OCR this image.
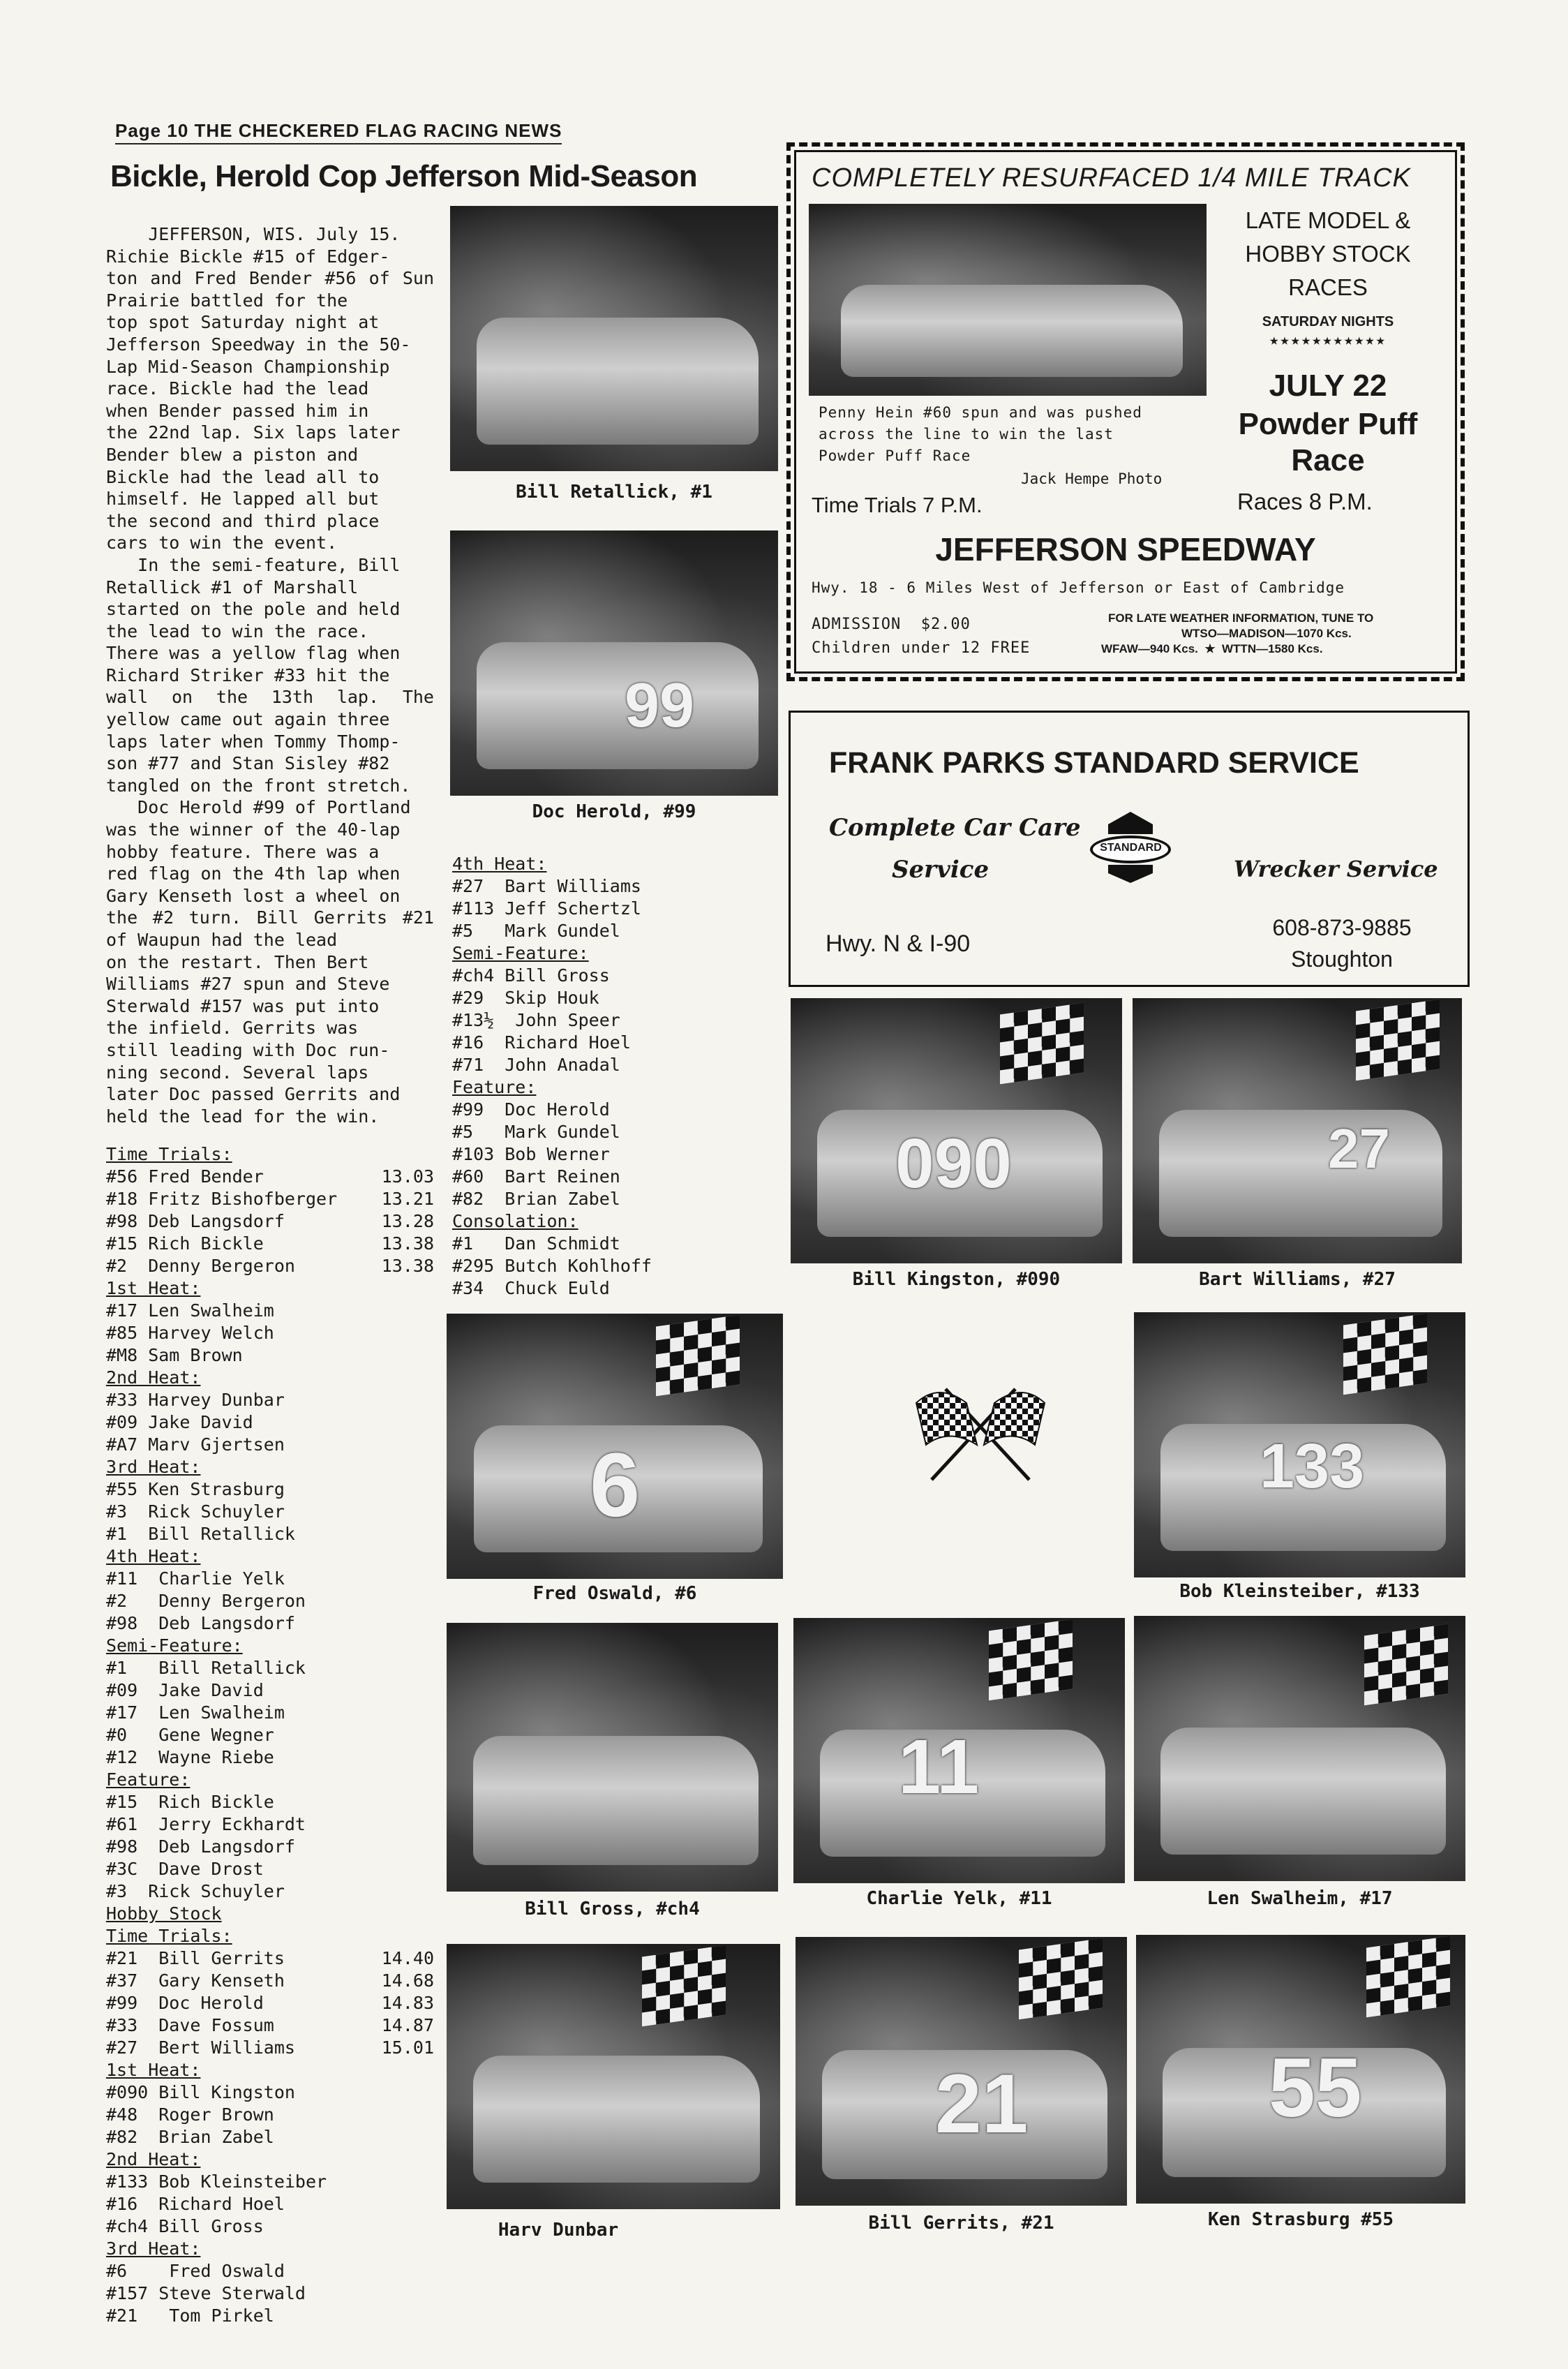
Page 10 THE CHECKERED FLAG RACING NEWS
Bickle, Herold Cop Jefferson Mid-Season
JEFFERSON, WIS. July 15.
Richie Bickle #15 of Edger-
ton and Fred Bender #56 of Sun Prairie battled for the
top spot Saturday night at
Jefferson Speedway in the 50-
Lap Mid-Season Championship
race. Bickle had the lead
when Bender passed him in
the 22nd lap. Six laps later
Bender blew a piston and
Bickle had the lead all to
himself. He lapped all but
the second and third place
cars to win the event.
In the semi-feature, Bill
Retallick #1 of Marshall
started on the pole and held
the lead to win the race.
There was a yellow flag when
Richard Striker #33 hit the
wall on the 13th lap. The yellow came out again three
laps later when Tommy Thomp-
son #77 and Stan Sisley #82
tangled on the front stretch.
Doc Herold #99 of Portland
was the winner of the 40-lap
hobby feature. There was a
red flag on the 4th lap when
Gary Kenseth lost a wheel on
the #2 turn. Bill Gerrits #21 of Waupun had the lead
on the restart. Then Bert
Williams #27 spun and Steve
Sterwald #157 was put into
the infield. Gerrits was
still leading with Doc run-
ning second. Several laps
later Doc passed Gerrits and
held the lead for the win.
Time Trials:
#56 Fred Bender	13.03
#18 Fritz Bishofberger	13.21
#98 Deb Langsdorf	13.28
#15 Rich Bickle	13.38
#2  Denny Bergeron	13.38
1st Heat:
#17 Len Swalheim
#85 Harvey Welch
#M8 Sam Brown
2nd Heat:
#33 Harvey Dunbar
#09 Jake David
#A7 Marv Gjertsen
3rd Heat:
#55 Ken Strasburg
#3  Rick Schuyler
#1  Bill Retallick
4th Heat:
#11  Charlie Yelk
#2   Denny Bergeron
#98  Deb Langsdorf
Semi-Feature:
#1   Bill Retallick
#09  Jake David
#17  Len Swalheim
#0   Gene Wegner
#12  Wayne Riebe
Feature:
#15  Rich Bickle
#61  Jerry Eckhardt
#98  Deb Langsdorf
#3C  Dave Drost
#3  Rick Schuyler
Hobby Stock
Time Trials:
#21  Bill Gerrits	14.40
#37  Gary Kenseth	14.68
#99  Doc Herold	14.83
#33  Dave Fossum	14.87
#27  Bert Williams	15.01
1st Heat:
#090 Bill Kingston
#48  Roger Brown
#82  Brian Zabel
2nd Heat:
#133 Bob Kleinsteiber
#16  Richard Hoel
#ch4 Bill Gross
3rd Heat:
#6    Fred Oswald
#157 Steve Sterwald
#21   Tom Pirkel
4th Heat:
#27  Bart Williams
#113 Jeff Schertzl
#5   Mark Gundel
Semi-Feature:
#ch4 Bill Gross
#29  Skip Houk
#13½  John Speer
#16  Richard Hoel
#71  John Anadal
Feature:
#99  Doc Herold
#5   Mark Gundel
#103 Bob Werner
#60  Bart Reinen
#82  Brian Zabel
Consolation:
#1   Dan Schmidt
#295 Butch Kohlhoff
#34  Chuck Euld
Bill Retallick, #1
99
Doc Herold, #99
090
Bill Kingston, #090
27
Bart Williams, #27
6
Fred Oswald, #6
133
Bob Kleinsteiber, #133
Bill Gross, #ch4
11
Charlie Yelk, #11	Len Swalheim, #17
Harv Dunbar
21
Bill Gerrits, #21
55
Ken Strasburg #55
COMPLETELY RESURFACED 1/4 MILE TRACK
LATE MODEL & HOBBY STOCK RACES
SATURDAY NIGHTS
★★★★★★★★★★★
JULY 22
Powder Puff Race
Penny Hein #60 spun and was pushed across the line to win the last Powder Puff Race
Jack Hempe Photo
Time Trials 7 P.M.	Races 8 P.M.
JEFFERSON SPEEDWAY
Hwy. 18 - 6 Miles West of Jefferson or East of Cambridge
ADMISSION  $2.00
Children under 12 FREE
FOR LATE WEATHER INFORMATION, TUNE TO
WTSO—MADISON—1070 Kcs.
WFAW—940 Kcs.  ★  WTTN—1580 Kcs.
FRANK PARKS STANDARD SERVICE
Complete Car Care
Service
STANDARD
Wrecker Service
Hwy. N & I-90
608-873-9885
Stoughton
